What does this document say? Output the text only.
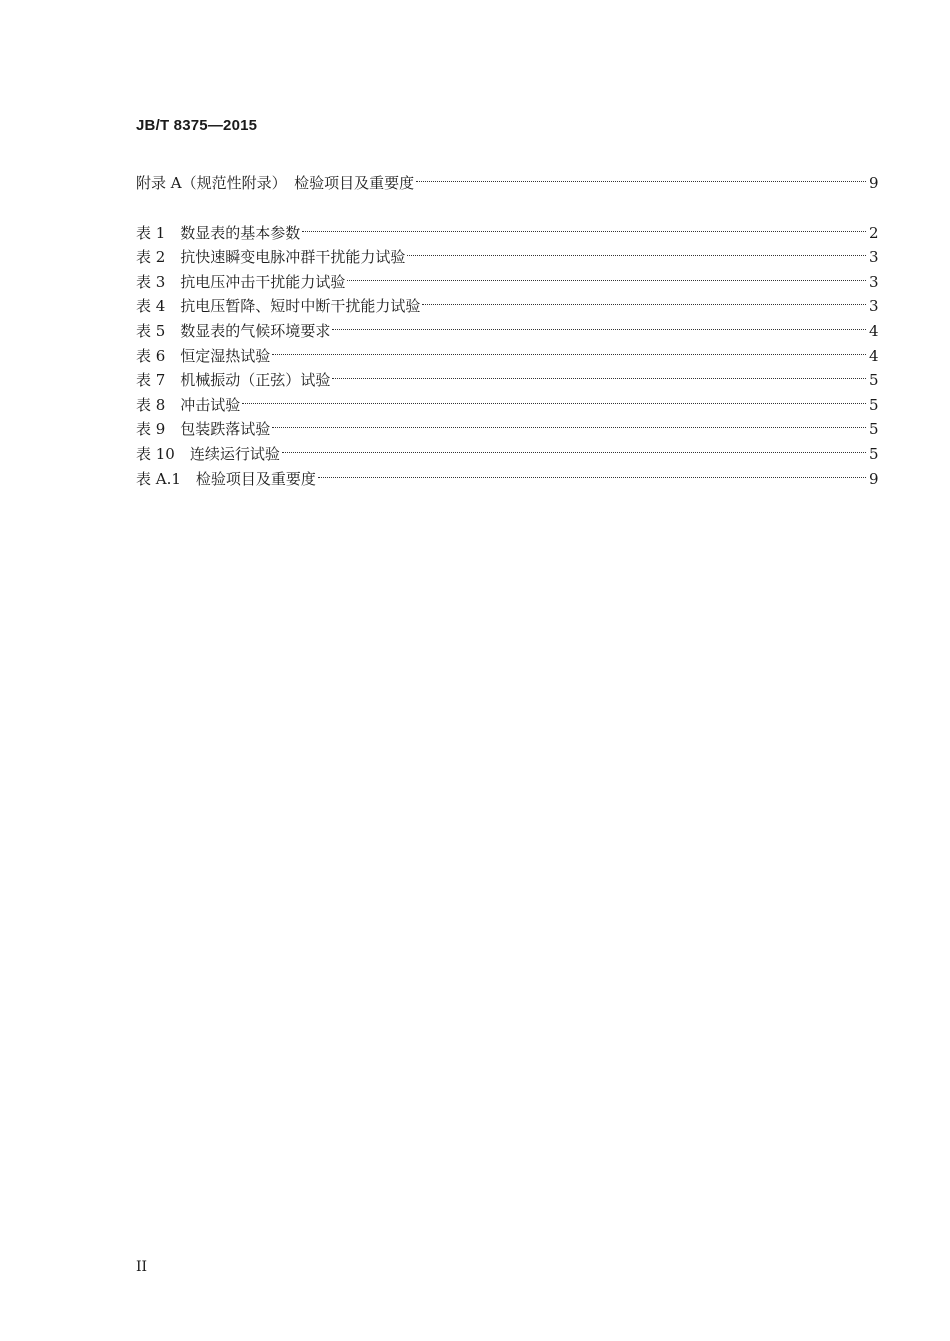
JB/T 8375—2015
附录 A（规范性附录）　检验项目及重要度	9
表 1　数显表的基本参数	2
表 2　抗快速瞬变电脉冲群干扰能力试验	3
表 3　抗电压冲击干扰能力试验	3
表 4　抗电压暂降、短时中断干扰能力试验	3
表 5　数显表的气候环境要求	4
表 6　恒定湿热试验	4
表 7　机械振动（正弦）试验	5
表 8　冲击试验	5
表 9　包装跌落试验	5
表 10　连续运行试验	5
表 A.1　检验项目及重要度	9
II
